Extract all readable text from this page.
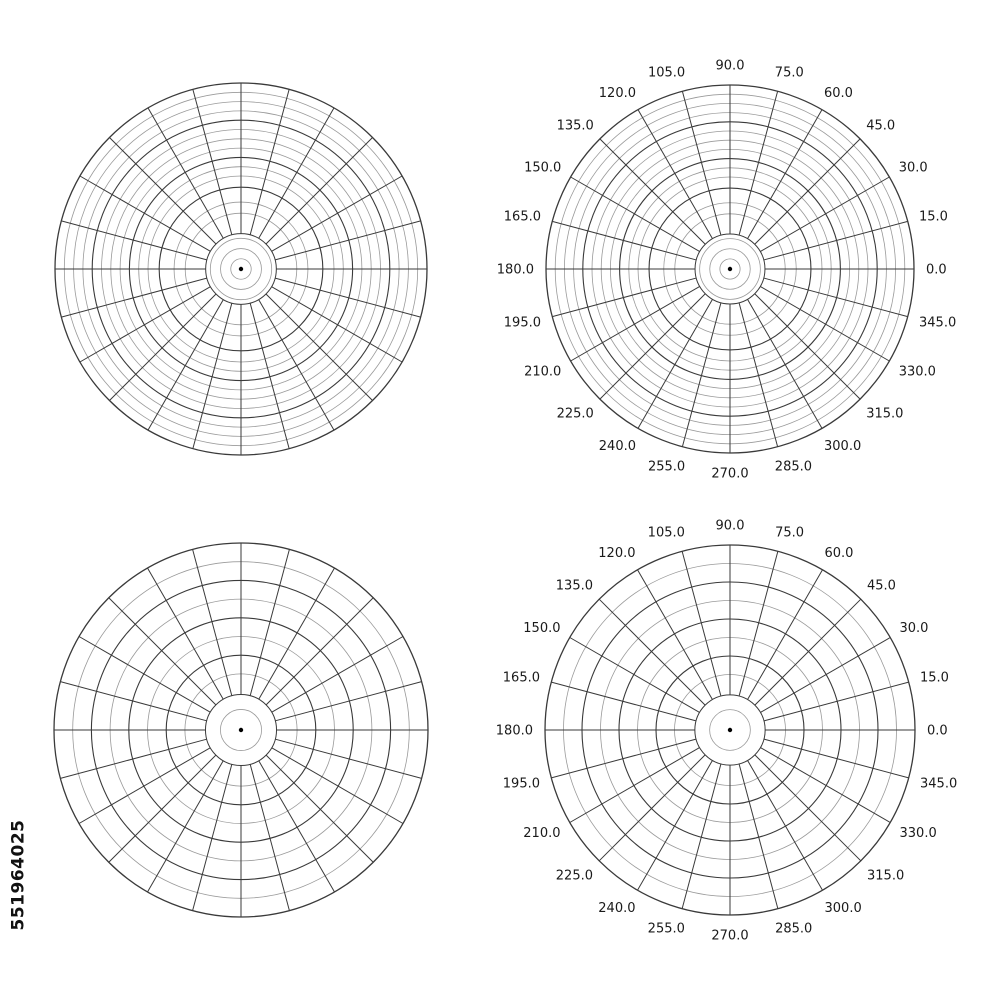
0.0
15.0
30.0
45.0
60.0
75.0
90.0
105.0
120.0
135.0
150.0
165.0
180.0
195.0
210.0
225.0
240.0
255.0 270.0 285.0
300.0
315.0
330.0
345.0
0.0
15.0
30.0
45.0
60.0
75.0
90.0
105.0
120.0
135.0
150.0
165.0
180.0
195.0
210.0
225.0
240.0
255.0 270.0 285.0
300.0
315.0
330.0
345.0
551964025
